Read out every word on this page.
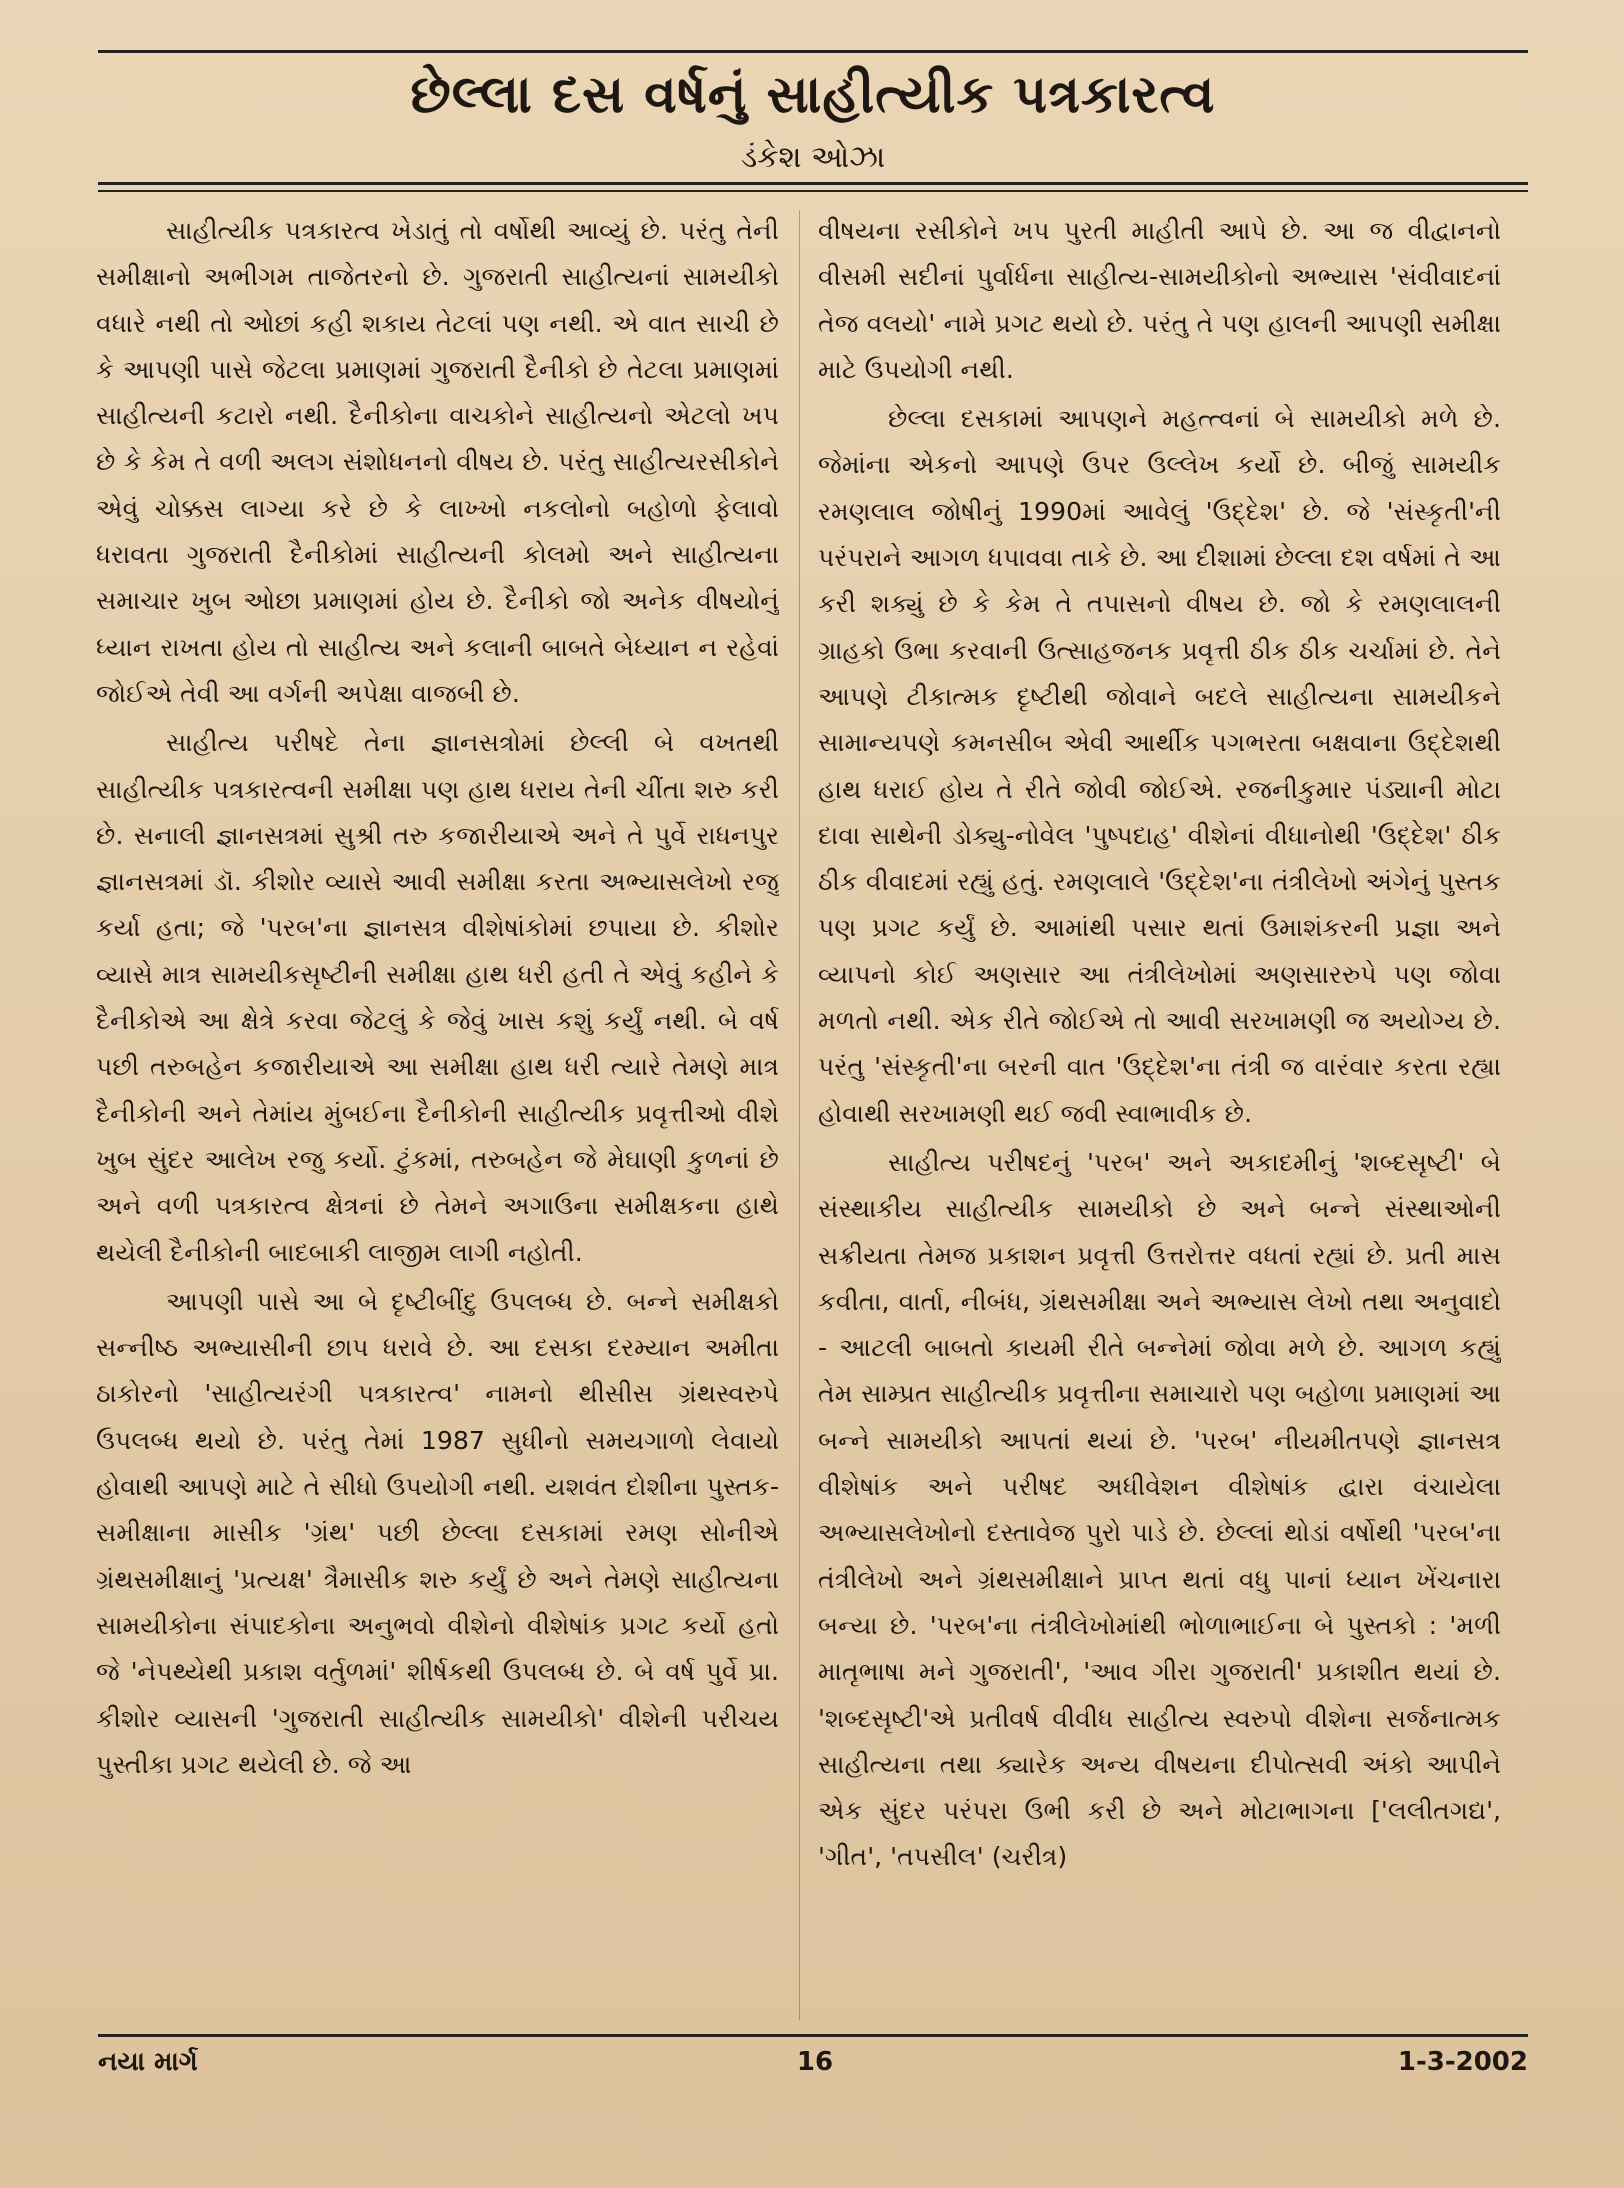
છેલ્લા દસ વર્ષનું સાહીત્યીક પત્રકારત્વ
ડંકેશ ઓઝા

સાહીત્યીક પત્રકારત્વ ખેડાતું તો વર્ષોથી આવ્યું છે. પરંતુ તેની સમીક્ષાનો અભીગમ તાજેતરનો છે. ગુજરાતી સાહીત્યનાં સામયીકો વધારે નથી તો ઓછાં કહી શકાય તેટલાં પણ નથી. એ વાત સાચી છે કે આપણી પાસે જેટલા પ્રમાણમાં ગુજરાતી દૈનીકો છે તેટલા પ્રમાણમાં સાહીત્યની કટારો નથી. દૈનીકોના વાચકોને સાહીત્યનો એટલો ખપ છે કે કેમ તે વળી અલગ સંશોધનનો વીષય છે. પરંતુ સાહીત્યરસીકોને એવું ચોક્કસ લાગ્યા કરે છે કે લાખ્ખો નકલોનો બહોળો ફેલાવો ધરાવતા ગુજરાતી દૈનીકોમાં સાહીત્યની કોલમો અને સાહીત્યના સમાચાર ખુબ ઓછા પ્રમાણમાં હોય છે. દૈનીકો જો અનેક વીષયોનું ધ્યાન રાખતા હોય તો સાહીત્ય અને કલાની બાબતે બેધ્યાન ન રહેવાં જોઈએ તેવી આ વર્ગની અપેક્ષા વાજબી છે.

સાહીત્ય પરીષદે તેના જ્ઞાનસત્રોમાં છેલ્લી બે વખતથી સાહીત્યીક પત્રકારત્વની સમીક્ષા પણ હાથ ધરાય તેની ચીંતા શરુ કરી છે. સનાલી જ્ઞાનસત્રમાં સુશ્રી તરુ કજારીયાએ અને તે પુર્વે રાધનપુર જ્ઞાનસત્રમાં ડૉ. કીશોર વ્યાસે આવી સમીક્ષા કરતા અભ્યાસલેખો રજુ કર્યા હતા; જે 'પરબ'ના જ્ઞાનસત્ર વીશેષાંકોમાં છપાયા છે. કીશોર વ્યાસે માત્ર સામયીકસૃષ્ટીની સમીક્ષા હાથ ધરી હતી તે એવું કહીને કે દૈનીકોએ આ ક્ષેત્રે કરવા જેટલું કે જેવું ખાસ કશું કર્યું નથી. બે વર્ષ પછી તરુબહેન કજારીયાએ આ સમીક્ષા હાથ ધરી ત્યારે તેમણે માત્ર દૈનીકોની અને તેમાંય મુંબઈના દૈનીકોની સાહીત્યીક પ્રવૃત્તીઓ વીશે ખુબ સુંદર આલેખ રજુ કર્યો. ટુંકમાં, તરુબહેન જે મેઘાણી કુળનાં છે અને વળી પત્રકારત્વ ક્ષેત્રનાં છે તેમને અગાઉના સમીક્ષકના હાથે થયેલી દૈનીકોની બાદબાકી લાજીમ લાગી નહોતી.

આપણી પાસે આ બે દૃષ્ટીબીંદુ ઉપલબ્ધ છે. બન્ને સમીક્ષકો સન્નીષ્ઠ અભ્યાસીની છાપ ધરાવે છે. આ દસકા દરમ્યાન અમીતા ઠાકોરનો 'સાહીત્યરંગી પત્રકારત્વ' નામનો થીસીસ ગ્રંથસ્વરુપે ઉપલબ્ધ થયો છે. પરંતુ તેમાં 1987 સુધીનો સમયગાળો લેવાયો હોવાથી આપણે માટે તે સીધો ઉપયોગી નથી. યશવંત દોશીના પુસ્તક-સમીક્ષાના માસીક 'ગ્રંથ' પછી છેલ્લા દસકામાં રમણ સોનીએ ગ્રંથસમીક્ષાનું 'પ્રત્યક્ષ' ત્રૈમાસીક શરુ કર્યું છે અને તેમણે સાહીત્યના સામયીકોના સંપાદકોના અનુભવો વીશેનો વીશેષાંક પ્રગટ કર્યો હતો જે 'નેપથ્યેથી પ્રકાશ વર્તુળમાં' શીર્ષકથી ઉપલબ્ધ છે. બે વર્ષ પુર્વે પ્રા. કીશોર વ્યાસની 'ગુજરાતી સાહીત્યીક સામયીકો' વીશેની પરીચય પુસ્તીકા પ્રગટ થયેલી છે. જે આ

વીષયના રસીકોને ખપ પુરતી માહીતી આપે છે. આ જ વીદ્વાનનો વીસમી સદીનાં પુર્વાર્ધના સાહીત્ય-સામયીકોનો અભ્યાસ 'સંવીવાદનાં તેજ વલયો' નામે પ્રગટ થયો છે. પરંતુ તે પણ હાલની આપણી સમીક્ષા માટે ઉપયોગી નથી.

છેલ્લા દસકામાં આપણને મહત્ત્વનાં બે સામયીકો મળે છે. જેમાંના એકનો આપણે ઉપર ઉલ્લેખ કર્યો છે. બીજું સામયીક રમણલાલ જોષીનું 1990માં આવેલું 'ઉદ્દેશ' છે. જે 'સંસ્કૃતી'ની પરંપરાને આગળ ધપાવવા તાકે છે. આ દીશામાં છેલ્લા દશ વર્ષમાં તે આ કરી શક્યું છે કે કેમ તે તપાસનો વીષય છે. જો કે રમણલાલની ગ્રાહકો ઉભા કરવાની ઉત્સાહજનક પ્રવૃત્તી ઠીક ઠીક ચર્ચામાં છે. તેને આપણે ટીકાત્મક દૃષ્ટીથી જોવાને બદલે સાહીત્યના સામયીકને સામાન્યપણે કમનસીબ એવી આર્થીક પગભરતા બક્ષવાના ઉદ્દેશથી હાથ ધરાઈ હોય તે રીતે જોવી જોઈએ. રજનીકુમાર પંડ્યાની મોટા દાવા સાથેની ડોક્યુ-નોવેલ 'પુષ્પદાહ' વીશેનાં વીધાનોથી 'ઉદ્દેશ' ઠીક ઠીક વીવાદમાં રહ્યું હતું. રમણલાલે 'ઉદ્દેશ'ના તંત્રીલેખો અંગેનું પુસ્તક પણ પ્રગટ કર્યું છે. આમાંથી પસાર થતાં ઉમાશંકરની પ્રજ્ઞા અને વ્યાપનો કોઈ અણસાર આ તંત્રીલેખોમાં અણસારરુપે પણ જોવા મળતો નથી. એક રીતે જોઈએ તો આવી સરખામણી જ અયોગ્ય છે. પરંતુ 'સંસ્કૃતી'ના બરની વાત 'ઉદ્દેશ'ના તંત્રી જ વારંવાર કરતા રહ્યા હોવાથી સરખામણી થઈ જવી સ્વાભાવીક છે.

સાહીત્ય પરીષદનું 'પરબ' અને અકાદમીનું 'શબ્દસૃષ્ટી' બે સંસ્થાકીય સાહીત્યીક સામયીકો છે અને બન્ને સંસ્થાઓની સક્રીયતા તેમજ પ્રકાશન પ્રવૃત્તી ઉત્તરોત્તર વધતાં રહ્યાં છે. પ્રતી માસ કવીતા, વાર્તા, નીબંધ, ગ્રંથસમીક્ષા અને અભ્યાસ લેખો તથા અનુવાદો - આટલી બાબતો કાયમી રીતે બન્નેમાં જોવા મળે છે. આગળ કહ્યું તેમ સામ્પ્રત સાહીત્યીક પ્રવૃત્તીના સમાચારો પણ બહોળા પ્રમાણમાં આ બન્ને સામયીકો આપતાં થયાં છે. 'પરબ' નીયમીતપણે જ્ઞાનસત્ર વીશેષાંક અને પરીષદ અધીવેશન વીશેષાંક દ્વારા વંચાયેલા અભ્યાસલેખોનો દસ્તાવેજ પુરો પાડે છે. છેલ્લાં થોડાં વર્ષોથી 'પરબ'ના તંત્રીલેખો અને ગ્રંથસમીક્ષાને પ્રાપ્ત થતાં વધુ પાનાં ધ્યાન ખેંચનારા બન્યા છે. 'પરબ'ના તંત્રીલેખોમાંથી ભોળાભાઈના બે પુસ્તકો : 'મળી માતૃભાષા મને ગુજરાતી', 'આવ ગીરા ગુજરાતી' પ્રકાશીત થયાં છે. 'શબ્દસૃષ્ટી'એ પ્રતીવર્ષ વીવીધ સાહીત્ય સ્વરુપો વીશેના સર્જનાત્મક સાહીત્યના તથા ક્યારેક અન્ય વીષયના દીપોત્સવી અંકો આપીને એક સુંદર પરંપરા ઉભી કરી છે અને મોટાભાગના ['લલીતગદ્ય', 'ગીત', 'તપસીલ' (ચરીત્ર)

નયા માર્ગ	16	1-3-2002
